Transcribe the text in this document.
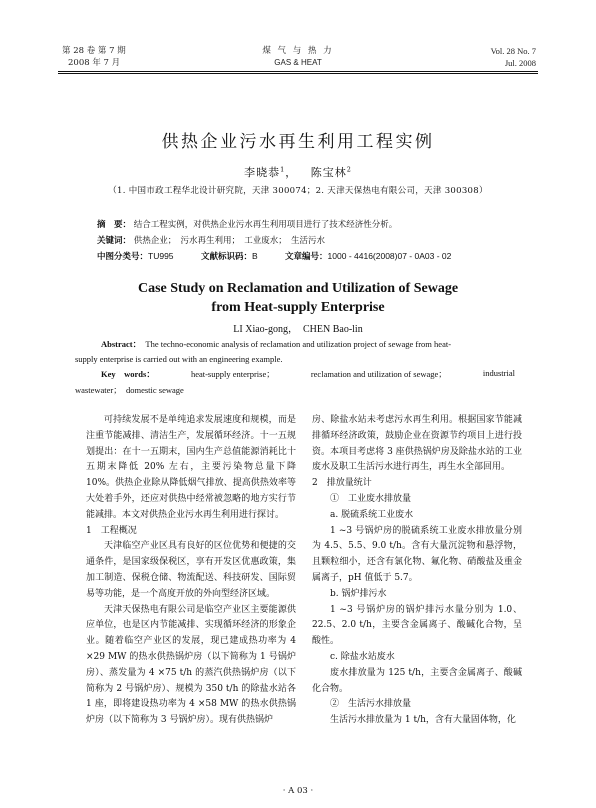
第 28 卷 第 7 期
2008 年 7 月
煤 气 与 热 力
GAS & HEAT
Vol. 28 No. 7
Jul. 2008
供热企业污水再生利用工程实例
李晓恭$^1$， 陈宝林$^2$
（1. 中国市政工程华北设计研究院，天津 300074；2. 天津天保热电有限公司，天津 300308）
摘　要： 结合工程实例，对供热企业污水再生利用项目进行了技术经济性分析。
关键词： 供热企业；　污水再生利用；　工业废水；　生活污水
中图分类号：TU995	文献标识码：B	文章编号：1000 - 4416(2008)07 - 0A03 - 02
Case Study on Reclamation and Utilization of Sewage
from Heat-supply Enterprise
LI Xiao-gong，　CHEN Bao-lin
Abstract： The techno-economic analysis of reclamation and utilization project of sewage from heat-
supply enterprise is carried out with an engineering example.
Key　words：	heat-supply enterprise；	reclamation and utilization of sewage；	industrial
wastewater；　domestic sewage

可持续发展不是单纯追求发展速度和规模，而是注重节能减排、清洁生产，发展循环经济。十一五规划提出：在十一五期末，国内生产总值能源消耗比十五期末降低 20% 左右，主要污染物总量下降 10%。供热企业除从降低烟气排放、提高供热效率等大处着手外，还应对供热中经常被忽略的地方实行节能减排。本文对供热企业污水再生利用进行探讨。

1　工程概况

天津临空产业区具有良好的区位优势和便捷的交通条件，是国家级保税区，享有开发区优惠政策，集加工制造、保税仓储、物流配送、科技研发、国际贸易等功能，是一个高度开放的外向型经济区域。

天津天保热电有限公司是临空产业区主要能源供应单位，也是区内节能减排、实现循环经济的形象企业。随着临空产业区的发展，现已建成热功率为 4 ×29 MW 的热水供热锅炉房（以下简称为 1 号锅炉房）、蒸发量为 4 ×75 t/h 的蒸汽供热锅炉房（以下简称为 2 号锅炉房）、规模为 350 t/h 的除盐水站各 1 座，即将建设热功率为 4 ×58 MW 的热水供热锅炉房（以下简称为 3 号锅炉房）。现有供热锅炉

房、除盐水站未考虑污水再生利用。根据国家节能减排循环经济政策，鼓励企业在资源节约项目上进行投资。本项目考虑将 3 座供热锅炉房及除盐水站的工业废水及职工生活污水进行再生，再生水全部回用。

2　排放量统计

①　工业废水排放量

a. 脱硫系统工业废水

1 ~3 号锅炉房的脱硫系统工业废水排放量分别为 4.5、5.5、9.0 t/h。含有大量沉淀物和悬浮物，且颗粒细小，还含有氯化物、氟化物、硝酸盐及重金属离子，pH 值低于 5.7。

b. 锅炉排污水

1 ~3 号锅炉房的锅炉排污水量分别为 1.0、22.5、2.0 t/h，主要含金属离子、酸碱化合物，呈酸性。

c. 除盐水站废水

废水排放量为 125 t/h，主要含金属离子、酸碱化合物。

②　生活污水排放量

生活污水排放量为 1 t/h，含有大量固体物，化

· A 03 ·
